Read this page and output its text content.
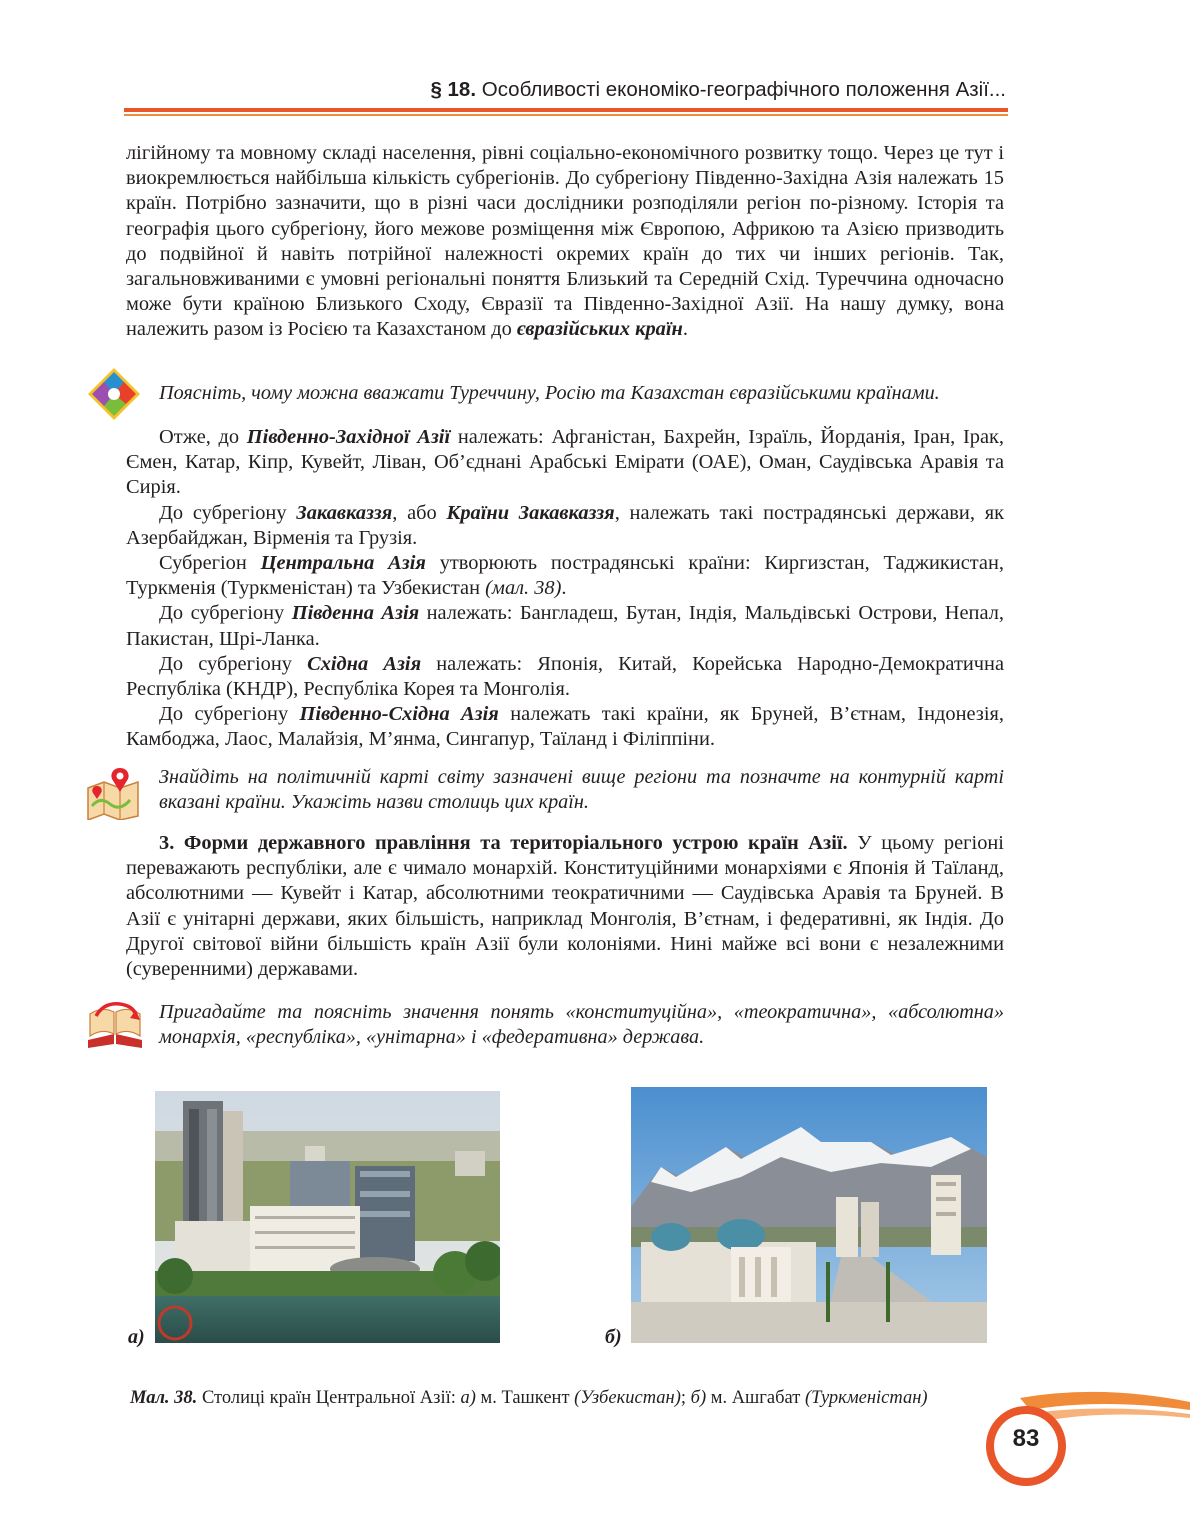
§ 18. Особливості економіко-географічного положення Азії...

лігійному та мовному складі населення, рівні соціально-економічного розвитку тощо. Через це тут і виокремлюється найбільша кількість субрегіонів. До субрегіону Південно-Західна Азія належать 15 країн. Потрібно зазначити, що в різні часи дослідники розподіляли регіон по-різному. Історія та географія цього субрегіону, його межове розміщення між Європою, Африкою та Азією призводить до подвійної й навіть потрійної належності окремих країн до тих чи інших регіонів. Так, загальновживаними є умовні регіональні поняття Близький та Середній Схід. Туреччина одночасно може бути країною Близького Сходу, Євразії та Південно-Західної Азії. На нашу думку, вона належить разом із Росією та Казахстаном до євразійських країн.

Поясніть, чому можна вважати Туреччину, Росію та Казахстан євразійськими країнами.

Отже, до Південно-Західної Азії належать: Афганістан, Бахрейн, Ізраїль, Йорданія, Іран, Ірак, Ємен, Катар, Кіпр, Кувейт, Ліван, Об’єднані Арабські Емірати (ОАЕ), Оман, Саудівська Аравія та Сирія.

До субрегіону Закавказзя, або Країни Закавказзя, належать такі пострадянські держави, як Азербайджан, Вірменія та Грузія.

Субрегіон Центральна Азія утворюють пострадянські країни: Киргизстан, Таджикистан, Туркменія (Туркменістан) та Узбекистан (мал. 38).

До субрегіону Південна Азія належать: Бангладеш, Бутан, Індія, Мальдівські Острови, Непал, Пакистан, Шрі-Ланка.

До субрегіону Східна Азія належать: Японія, Китай, Корейська Народно-Демократична Республіка (КНДР), Республіка Корея та Монголія.

До субрегіону Південно-Східна Азія належать такі країни, як Бруней, В’єтнам, Індонезія, Камбоджа, Лаос, Малайзія, М’янма, Сингапур, Таїланд і Філіппіни.

Знайдіть на політичній карті світу зазначені вище регіони та позначте на контурній карті вказані країни. Укажіть назви столиць цих країн.

3. Форми державного правління та територіального устрою країн Азії. У цьому регіоні переважають республіки, але є чимало монархій. Конституційними монархіями є Японія й Таїланд, абсолютними — Кувейт і Катар, абсолютними теократичними — Саудівська Аравія та Бруней. В Азії є унітарні держави, яких більшість, наприклад Монголія, В’єтнам, і федеративні, як Індія. До Другої світової війни більшість країн Азії були колоніями. Нині майже всі вони є незалежними (суверенними) державами.

Пригадайте та поясніть значення понять «конституційна», «теократична», «абсолютна» монархія, «республіка», «унітарна» і «федеративна» держава.
а)	б)
Мал. 38. Столиці країн Центральної Азії: а) м. Ташкент (Узбекистан); б) м. Ашгабат (Туркменістан)
83
